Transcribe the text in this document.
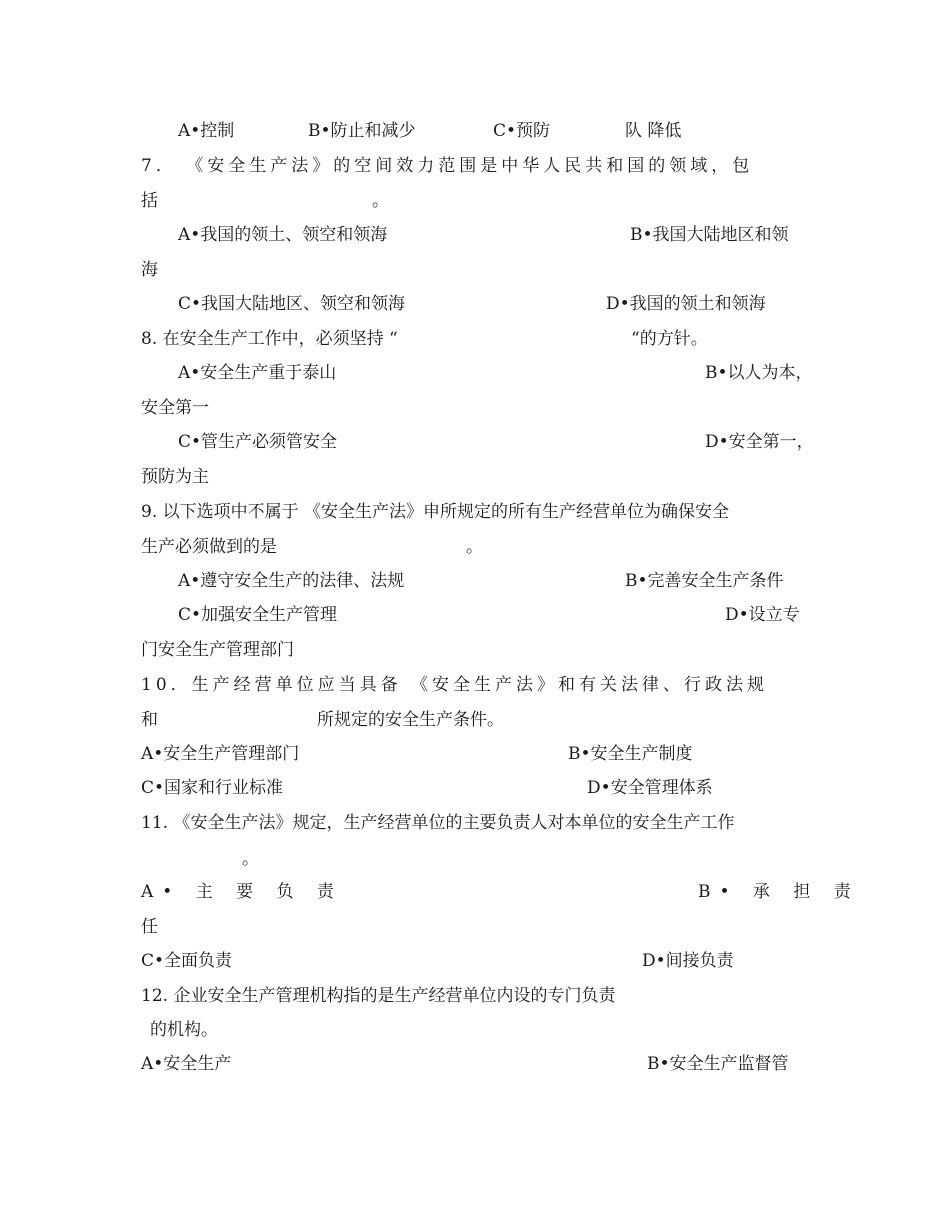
A•控制	B•防止和减少	C•预防	队 降低
7． 《安全生产法》的空间效力范围是中华人民共和国的领域，包
括	。
A•我国的领土、领空和领海	B•我国大陆地区和领
海
C•我国大陆地区、领空和领海	D•我国的领土和领海
8. 在安全生产工作中，必须坚持 “	“的方针。
A•安全生产重于泰山	B•以人为本，
安全第一
C•管生产必须管安全	D•安全第一，
预防为主
9. 以下选项中不属于 《安全生产法》申所规定的所有生产经营单位为确保安全
生产必须做到的是	。
A•遵守安全生产的法律、法规	B•完善安全生产条件
C•加强安全生产管理	D•设立专
门安全生产管理部门
10．生产经营单位应当具备 《安全生产法》和有关法律、行政法规
和	所规定的安全生产条件。
A•安全生产管理部门	B•安全生产制度
C•国家和行业标准	D•安全管理体系
11. 《安全生产法》规定，生产经营单位的主要负责人对本单位的安全生产工作
。
A• 主 要 负 责	B• 承 担 责
任
C•全面负责	D•间接负责
12. 企业安全生产管理机构指的是生产经营单位内设的专门负责
的机构。
A•安全生产	B•安全生产监督管
